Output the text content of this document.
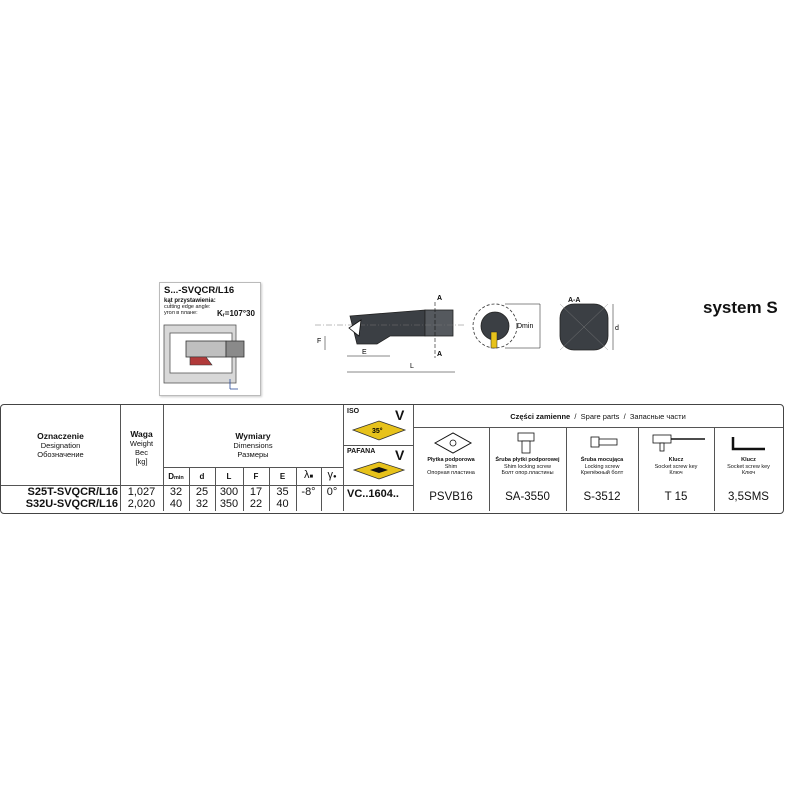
S...-SVQCR/L16
kąt przystawienia:
cutting edge angle:
угол в плане: Kᵣ=107°30
F
E
L
A
A
Dmin	d
A-A	system S
Oznaczenie
Designation
Обозначение
Waga
Weight
Вес
[kg]
Wymiary
Dimensions
Размеры
Dmin	d	L	F	E	λ■	γ●
ISO	V
35°
PAFANA V
VC..1604..
Części zamienne / Spare parts / Запасные части
Płytka podporowa
Shim
Опорная пластина
Śruba płytki podporowej
Shim locking screw
Болт опор.пластины
Śruba mocująca
Locking screw
Крепёжный болт
Klucz
Socket screw key
Ключ
Klucz
Socket screw key
Ключ
PSVB16	SA-3550	S-3512	T 15	3,5SMS
S25T-SVQCR/L16 1,027	32	25	300	17	35	-8°	0°
S32U-SVQCR/L16 2,020	40	32	350	22	40
